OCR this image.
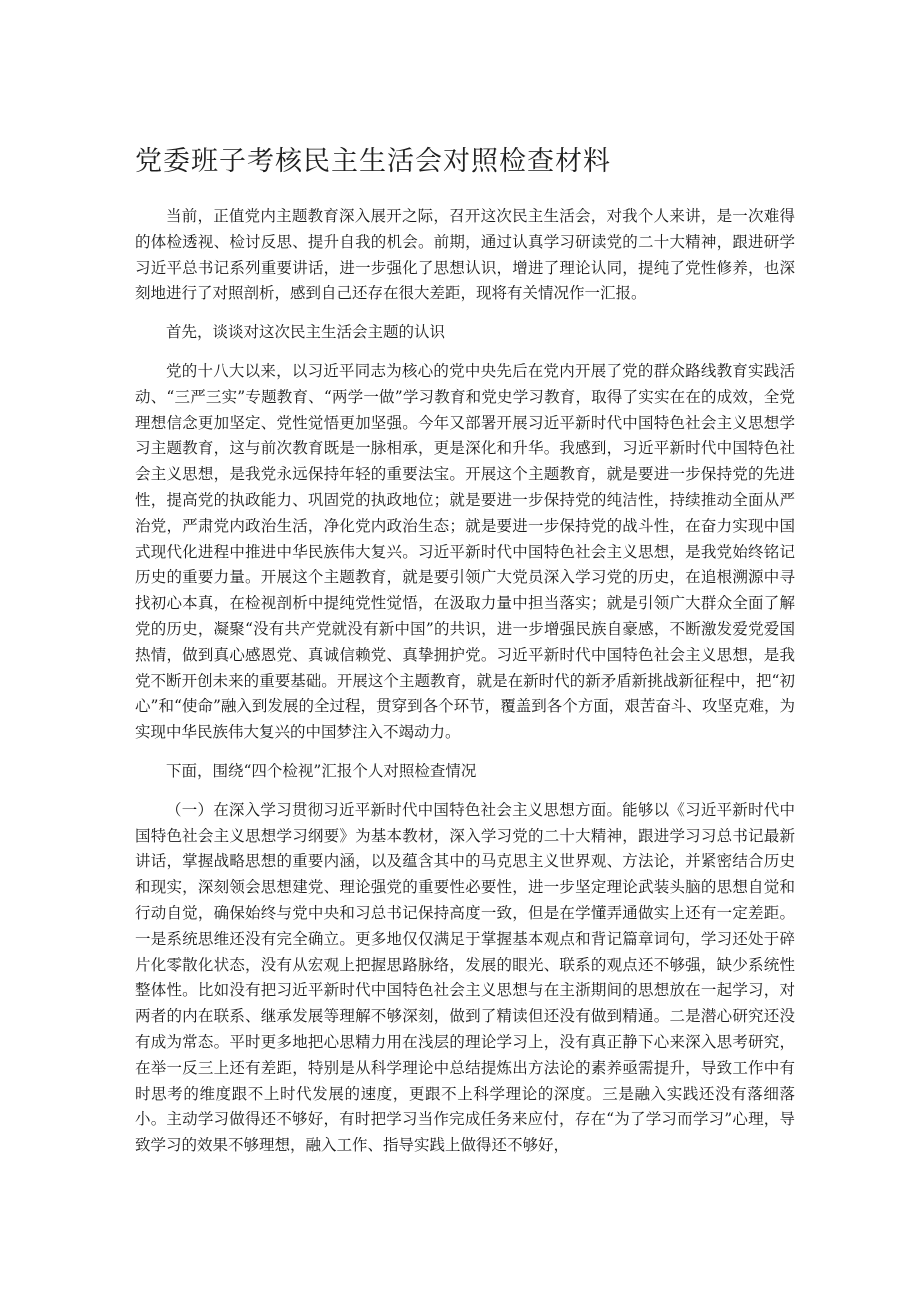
党委班子考核民主生活会对照检查材料

当前，正值党内主题教育深入展开之际，召开这次民主生活会，对我个人来讲，是一次难得的体检透视、检讨反思、提升自我的机会。前期，通过认真学习研读党的二十大精神，跟进研学习近平总书记系列重要讲话，进一步强化了思想认识，增进了理论认同，提纯了党性修养，也深刻地进行了对照剖析，感到自己还存在很大差距，现将有关情况作一汇报。

首先，谈谈对这次民主生活会主题的认识

党的十八大以来，以习近平同志为核心的党中央先后在党内开展了党的群众路线教育实践活动、“三严三实”专题教育、“两学一做”学习教育和党史学习教育，取得了实实在在的成效，全党理想信念更加坚定、党性觉悟更加坚强。今年又部署开展习近平新时代中国特色社会主义思想学习主题教育，这与前次教育既是一脉相承，更是深化和升华。我感到，习近平新时代中国特色社会主义思想，是我党永远保持年轻的重要法宝。开展这个主题教育，就是要进一步保持党的先进性，提高党的执政能力、巩固党的执政地位；就是要进一步保持党的纯洁性，持续推动全面从严治党，严肃党内政治生活，净化党内政治生态；就是要进一步保持党的战斗性，在奋力实现中国式现代化进程中推进中华民族伟大复兴。习近平新时代中国特色社会主义思想，是我党始终铭记历史的重要力量。开展这个主题教育，就是要引领广大党员深入学习党的历史，在追根溯源中寻找初心本真，在检视剖析中提纯党性觉悟，在汲取力量中担当落实；就是引领广大群众全面了解党的历史，凝聚“没有共产党就没有新中国”的共识，进一步增强民族自豪感，不断激发爱党爱国热情，做到真心感恩党、真诚信赖党、真挚拥护党。习近平新时代中国特色社会主义思想，是我党不断开创未来的重要基础。开展这个主题教育，就是在新时代的新矛盾新挑战新征程中，把“初心”和“使命”融入到发展的全过程，贯穿到各个环节，覆盖到各个方面，艰苦奋斗、攻坚克难，为实现中华民族伟大复兴的中国梦注入不竭动力。

下面，围绕“四个检视”汇报个人对照检查情况

（一）在深入学习贯彻习近平新时代中国特色社会主义思想方面。能够以《习近平新时代中国特色社会主义思想学习纲要》为基本教材，深入学习党的二十大精神，跟进学习习总书记最新讲话，掌握战略思想的重要内涵，以及蕴含其中的马克思主义世界观、方法论，并紧密结合历史和现实，深刻领会思想建党、理论强党的重要性必要性，进一步坚定理论武装头脑的思想自觉和行动自觉，确保始终与党中央和习总书记保持高度一致，但是在学懂弄通做实上还有一定差距。一是系统思维还没有完全确立。更多地仅仅满足于掌握基本观点和背记篇章词句，学习还处于碎片化零散化状态，没有从宏观上把握思路脉络，发展的眼光、联系的观点还不够强，缺少系统性整体性。比如没有把习近平新时代中国特色社会主义思想与在主浙期间的思想放在一起学习，对两者的内在联系、继承发展等理解不够深刻，做到了精读但还没有做到精通。二是潜心研究还没有成为常态。平时更多地把心思精力用在浅层的理论学习上，没有真正静下心来深入思考研究，在举一反三上还有差距，特别是从科学理论中总结提炼出方法论的素养亟需提升，导致工作中有时思考的维度跟不上时代发展的速度，更跟不上科学理论的深度。三是融入实践还没有落细落小。主动学习做得还不够好，有时把学习当作完成任务来应付，存在“为了学习而学习”心理，导致学习的效果不够理想，融入工作、指导实践上做得还不够好，
